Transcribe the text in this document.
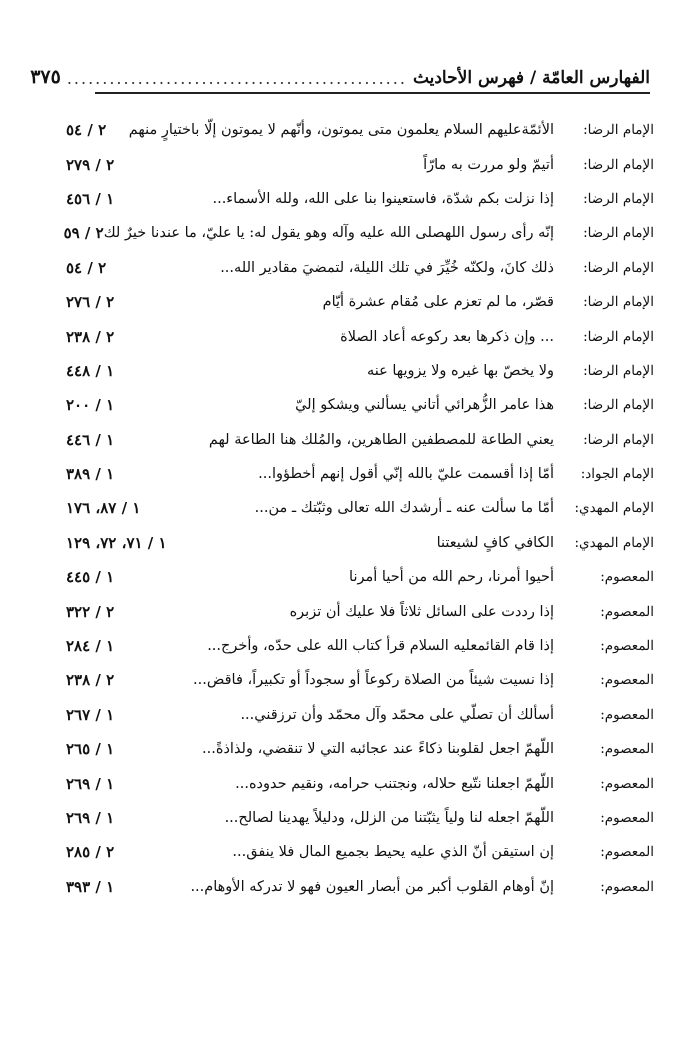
الفهارس العامّة / فهرس الأحاديث
................................................
٣٧٥
الإمام الرضا:
الأئمّةعليهم السلام يعلمون متى يموتون، وأنّهم لا يموتون إلّا باختيارٍ منهم
٢ / ٥٤
الإمام الرضا:
أتيمّ ولو مررت به مارّاً
٢ / ٢٧٩
الإمام الرضا:
إذا نزلت بكم شدّة، فاستعينوا بنا على الله، ولله الأسماء...
١ / ٤٥٦
الإمام الرضا:
إنّه رأى رسول اللهصلى الله عليه وآله وهو يقول له: يا عليّ، ما عندنا خيرٌ لك
٢ / ٥٩
الإمام الرضا:
ذلك كانَ، ولكنّه خُيِّرَ في تلك الليلة، لتمضيَ مقادير الله...
٢ / ٥٤
الإمام الرضا:
قصّر، ما لم تعزم على مُقام عشرة أيّام
٢ / ٢٧٦
الإمام الرضا:
... وإن ذكرها بعد ركوعه أعاد الصلاة
٢ / ٢٣٨
الإمام الرضا:
ولا يخصّ بها غيره ولا يزويها عنه
١ / ٤٤٨
الإمام الرضا:
هذا عامر الزُّهرائي أتاني يسألني ويشكو إليّ
١ / ٢٠٠
الإمام الرضا:
يعني الطاعة للمصطفين الطاهرين، والمُلك هنا الطاعة لهم
١ / ٤٤٦
الإمام الجواد:
أمّا إذا أقسمت عليّ بالله إنّي أقول إنهم أخطؤوا...
١ / ٣٨٩
الإمام المهدي:
أمّا ما سألت عنه ـ أرشدك الله تعالى وثبّتك ـ من...
١ / ٨٧، ١٧٦
الإمام المهدي:
الكافي كافٍ لشيعتنا
١ / ٧١، ٧٢، ١٢٩
المعصوم:
أحيوا أمرنا، رحم الله من أحيا أمرنا
١ / ٤٤٥
المعصوم:
إذا رددت على السائل ثلاثاً فلا عليك أن تزبره
٢ / ٣٢٢
المعصوم:
إذا قام القائمعليه السلام قرأ كتاب الله على حدّه، وأخرج...
١ / ٢٨٤
المعصوم:
إذا نسيت شيئاً من الصلاة ركوعاً أو سجوداً أو تكبيراً، فاقض...
٢ / ٢٣٨
المعصوم:
أسألك أن تصلّي على محمّد وآل محمّد وأن ترزقني...
١ / ٢٦٧
المعصوم:
اللّهمّ اجعل لقلوبنا ذكاءً عند عجائبه التي لا تنقضي، ولذاذةً...
١ / ٢٦٥
المعصوم:
اللّهمّ اجعلنا نتّبع حلاله، ونجتنب حرامه، ونقيم حدوده...
١ / ٢٦٩
المعصوم:
اللّهمّ اجعله لنا ولياً يثبّتنا من الزلل، ودليلاً يهدينا لصالح...
١ / ٢٦٩
المعصوم:
إن استيقن أنّ الذي عليه يحيط بجميع المال فلا ينفق...
٢ / ٢٨٥
المعصوم:
إنّ أوهام القلوب أكبر من أبصار العيون فهو لا تدركه الأوهام...
١ / ٣٩٣
